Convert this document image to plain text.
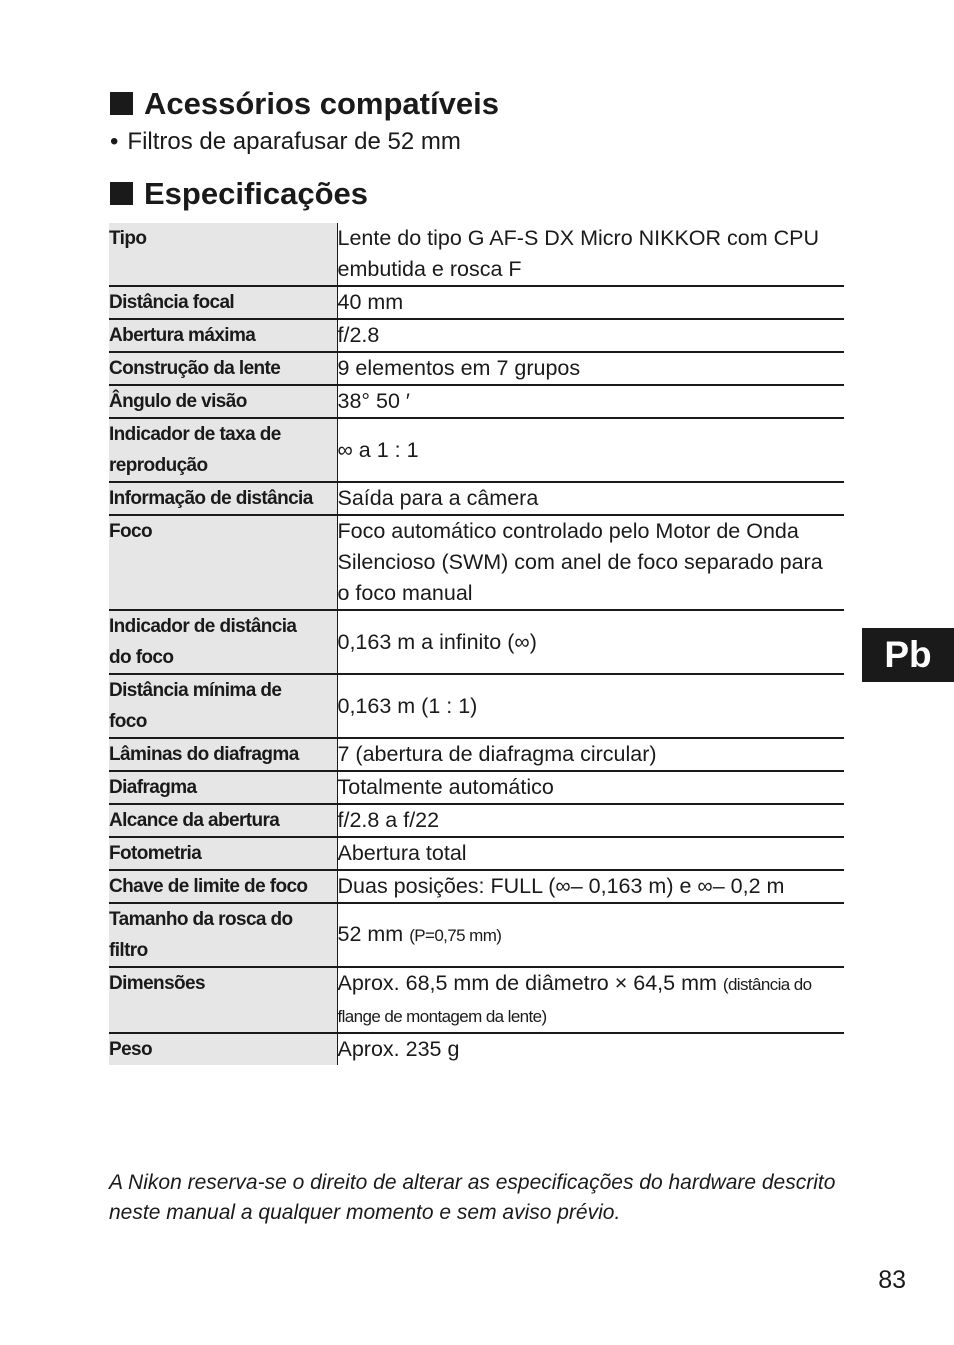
Acessórios compatíveis
• Filtros de aparafusar de 52 mm
Especificações
Tipo	Lente do tipo G AF-S DX Micro NIKKOR com CPU
embutida e rosca F
Distância focal	40 mm
Abertura máxima	f/2.8
Construção da lente	9 elementos em 7 grupos
Ângulo de visão	38° 50 ′
Indicador de taxa de
reprodução	∞ a 1 : 1
Informação de distância	Saída para a câmera
Foco	Foco automático controlado pelo Motor de Onda
Silencioso (SWM) com anel de foco separado para
o foco manual
Indicador de distância
do foco	0,163 m a infinito (∞)
Distância mínima de
foco	0,163 m (1 : 1)
Lâminas do diafragma	7 (abertura de diafragma circular)
Diafragma	Totalmente automático
Alcance da abertura	f/2.8 a f/22
Fotometria	Abertura total
Chave de limite de foco	Duas posições: FULL (∞– 0,163 m) e ∞– 0,2 m
Tamanho da rosca do
filtro	52 mm (P=0,75 mm)
Dimensões	Aprox. 68,5 mm de diâmetro × 64,5 mm (distância do
flange de montagem da lente)
Peso	Aprox. 235 g

A Nikon reserva-se o direito de alterar as especificações do hardware descrito
neste manual a qualquer momento e sem aviso prévio.

Pb
83
